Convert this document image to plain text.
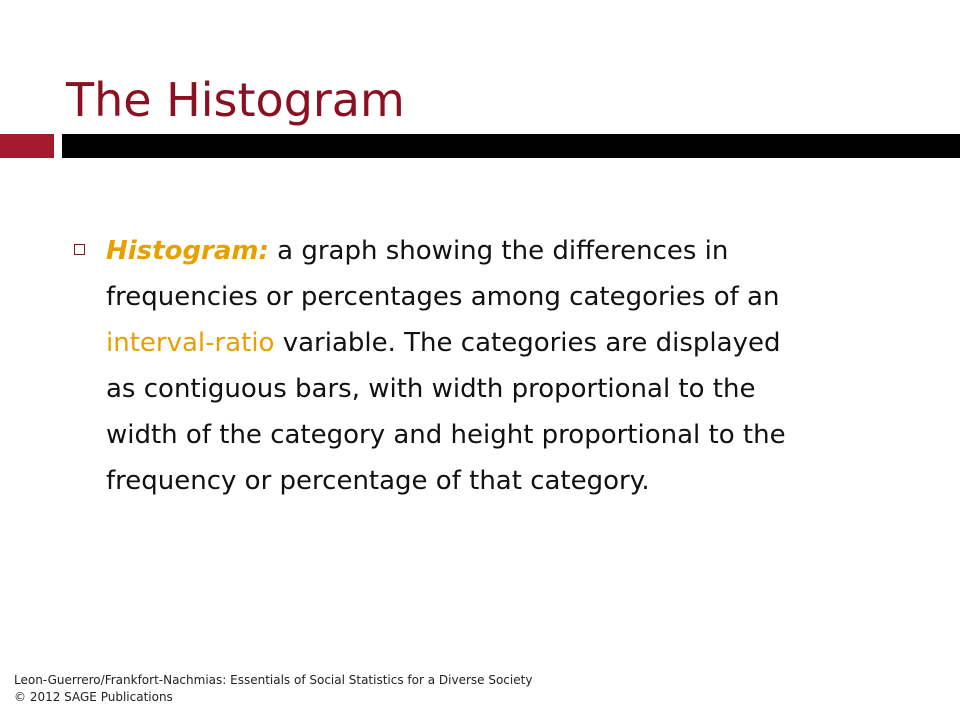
The Histogram
Histogram: a graph showing the differences in frequencies or percentages among categories of an interval-ratio variable. The categories are displayed as contiguous bars, with width proportional to the width of the category and height proportional to the frequency or percentage of that category.
Leon-Guerrero/Frankfort-Nachmias: Essentials of Social Statistics for a Diverse Society
© 2012 SAGE Publications
